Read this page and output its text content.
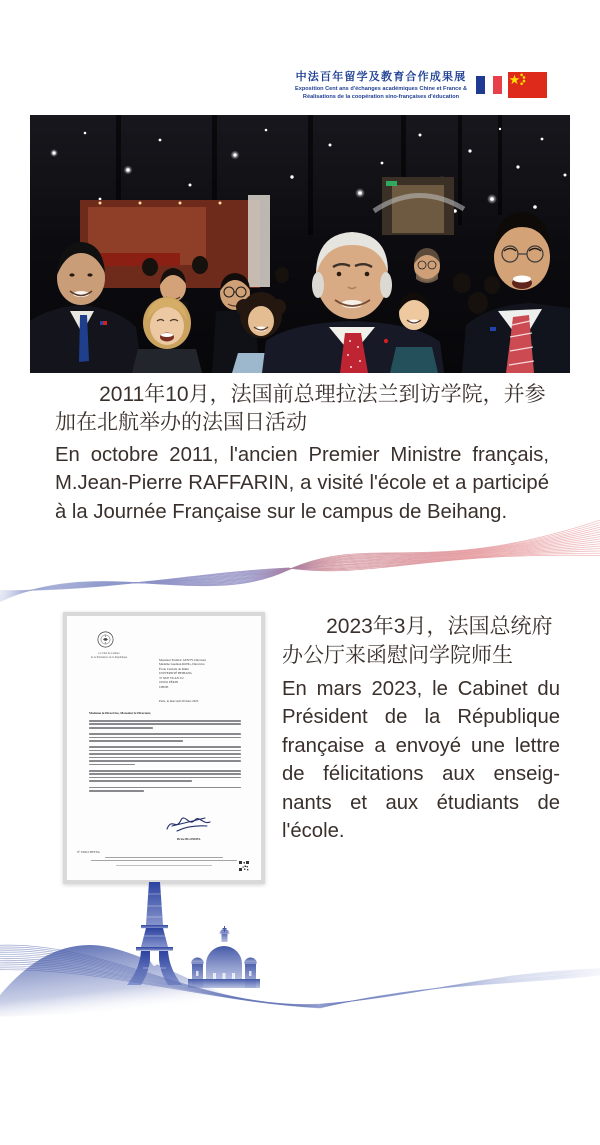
中法百年留学及教育合作成果展
Exposition Cent ans d'échanges académiques Chine et France &
Réalisations de la coopération sino-françaises d'éducation
2011年10月，法国前总理拉法兰到访学院，并参加在北航举办的法国日活动
En octobre 2011, l'ancien Premier Ministre français, M.Jean-Pierre RAFFARIN, a visité l'école et a participé à la Journée Française sur le campus de Beihang.
Le Chef de Cabinet
de la Présidence de la République
Monsieur Frédéric GENTY, Directeur
Madame Guoman RONG, Directrice
École Centrale de Pékin
UNIVERSITÉ BEIHANG
37 XUE YUAN LU
100191 PÉKIN
CHINE
Paris, le mercredi 29 mars 2023
Madame la Directrice, Monsieur le Directeur,
Brice BLONDEL
N° PDR/CHEF/PA
2023年3月，法国总统府办公厅来函慰问学院师生
En mars 2023, le Cabinet du Président de la République française a envoyé une lettre de félicitations aux enseignants et aux étudiants de l'école.
